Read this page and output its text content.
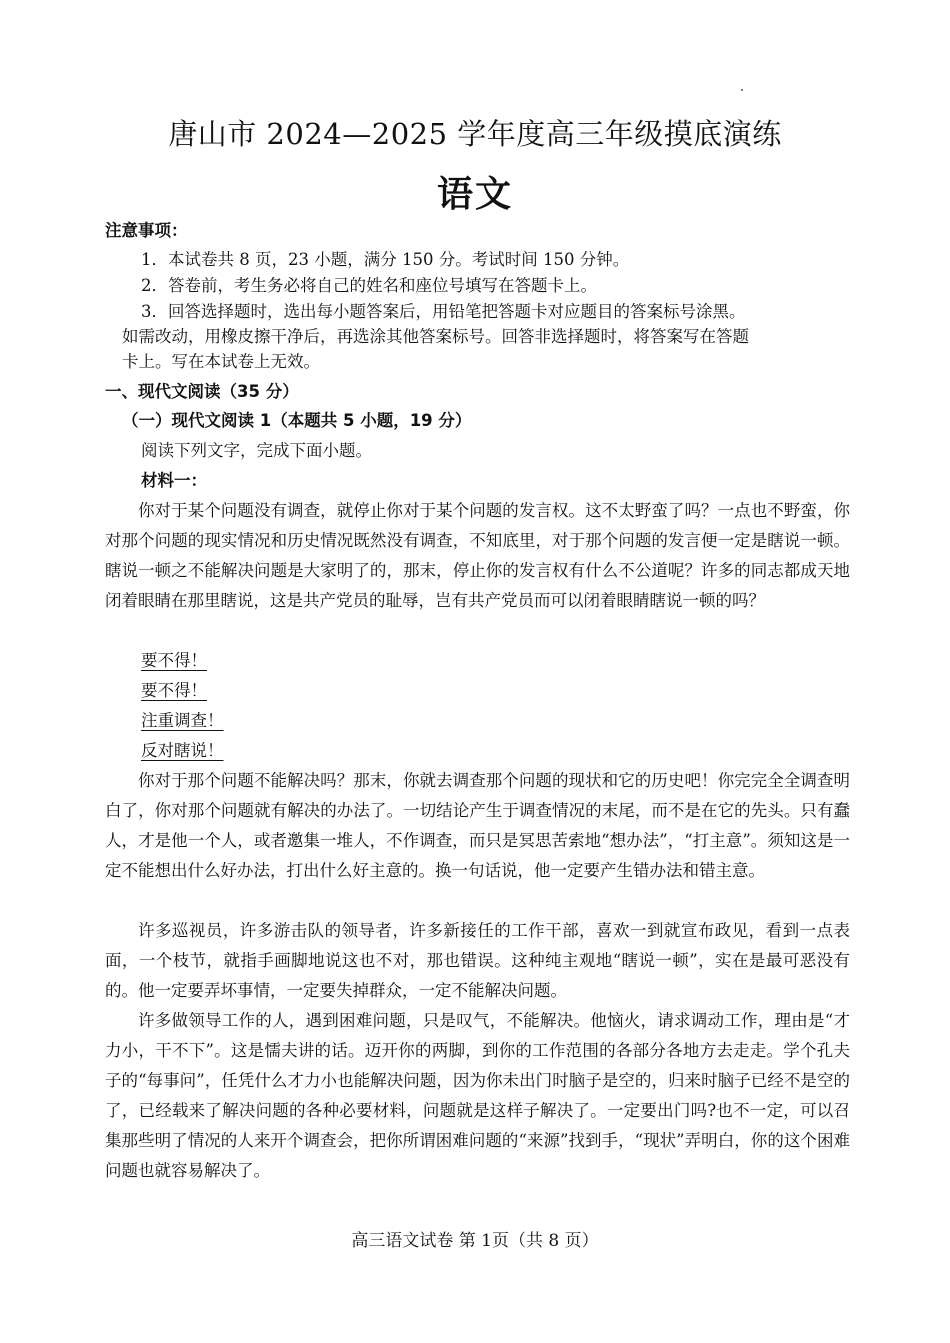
唐山市 2024—2025 学年度高三年级摸底演练
语文
注意事项：
1．本试卷共 8 页，23 小题，满分 150 分。考试时间 150 分钟。
2．答卷前，考生务必将自己的姓名和座位号填写在答题卡上。
3．回答选择题时，选出每小题答案后，用铅笔把答题卡对应题目的答案标号涂黑。
如需改动，用橡皮擦干净后，再选涂其他答案标号。回答非选择题时，将答案写在答题
卡上。写在本试卷上无效。
一、现代文阅读（35 分）
（一）现代文阅读 1（本题共 5 小题，19 分）
阅读下列文字，完成下面小题。
材料一：

你对于某个问题没有调查，就停止你对于某个问题的发言权。这不太野蛮了吗？一点也不野蛮，你对那个问题的现实情况和历史情况既然没有调查，不知底里，对于那个问题的发言便一定是瞎说一顿。瞎说一顿之不能解决问题是大家明了的，那末，停止你的发言权有什么不公道呢？许多的同志都成天地闭着眼睛在那里瞎说，这是共产党员的耻辱，岂有共产党员而可以闭着眼睛瞎说一顿的吗？

要不得！
要不得！
注重调查！
反对瞎说！

你对于那个问题不能解决吗？那末，你就去调查那个问题的现状和它的历史吧！你完完全全调查明白了，你对那个问题就有解决的办法了。一切结论产生于调查情况的末尾，而不是在它的先头。只有蠢人，才是他一个人，或者邀集一堆人，不作调查，而只是冥思苦索地“想办法”，“打主意”。须知这是一定不能想出什么好办法，打出什么好主意的。换一句话说，他一定要产生错办法和错主意。

许多巡视员，许多游击队的领导者，许多新接任的工作干部，喜欢一到就宣布政见，看到一点表面，一个枝节，就指手画脚地说这也不对，那也错误。这种纯主观地“瞎说一顿”，实在是最可恶没有的。他一定要弄坏事情，一定要失掉群众，一定不能解决问题。

许多做领导工作的人，遇到困难问题，只是叹气，不能解决。他恼火，请求调动工作，理由是“才力小，干不下”。这是懦夫讲的话。迈开你的两脚，到你的工作范围的各部分各地方去走走。学个孔夫子的“每事问”，任凭什么才力小也能解决问题，因为你未出门时脑子是空的，归来时脑子已经不是空的了，已经载来了解决问题的各种必要材料，问题就是这样子解决了。一定要出门吗?也不一定，可以召集那些明了情况的人来开个调查会，把你所谓困难问题的“来源”找到手，“现状”弄明白，你的这个困难问题也就容易解决了。

高三语文试卷 第 1页（共 8 页）
